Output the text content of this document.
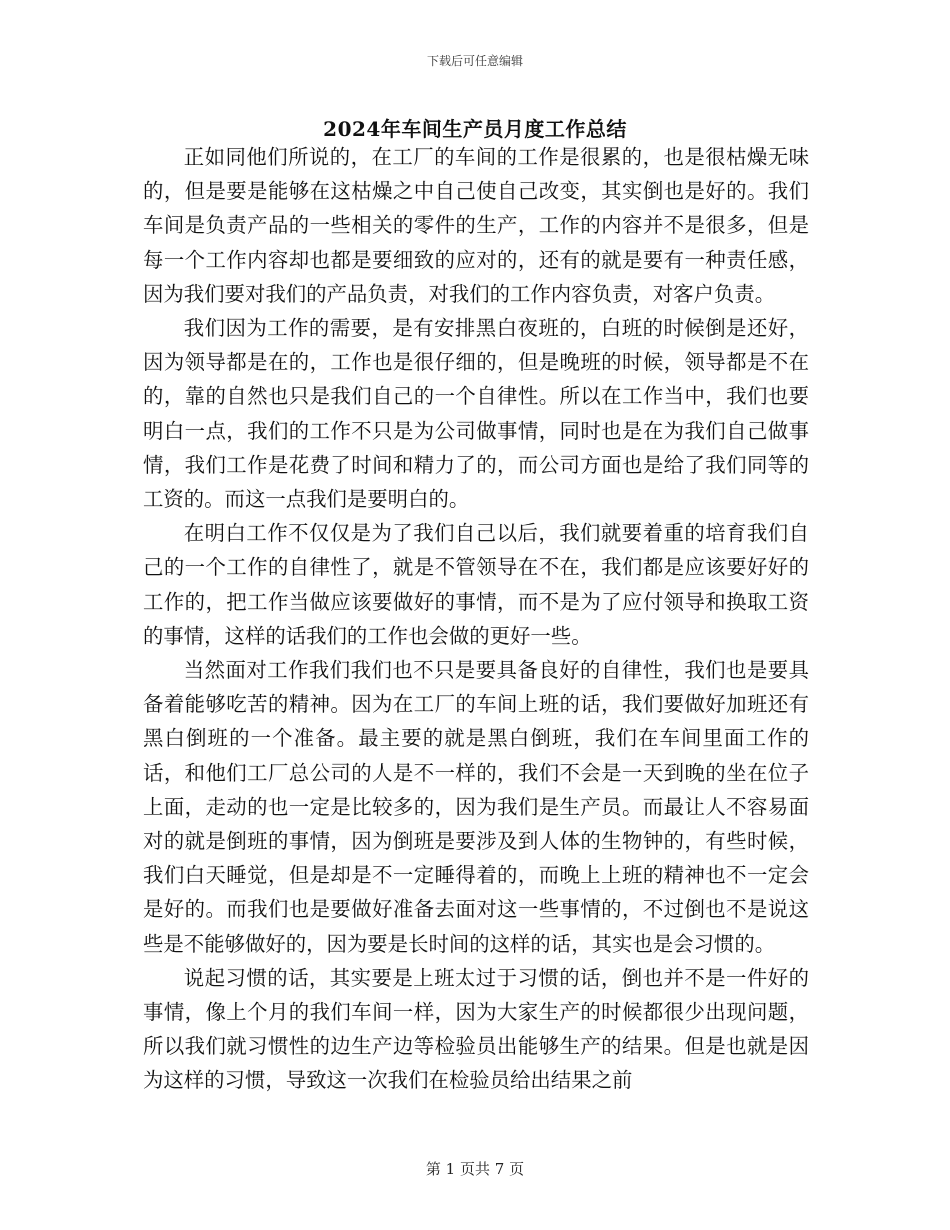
下载后可任意编辑
2024年车间生产员月度工作总结

正如同他们所说的，在工厂的车间的工作是很累的，也是很枯燥无味的，但是要是能够在这枯燥之中自己使自己改变，其实倒也是好的。我们车间是负责产品的一些相关的零件的生产，工作的内容并不是很多，但是每一个工作内容却也都是要细致的应对的，还有的就是要有一种责任感，因为我们要对我们的产品负责，对我们的工作内容负责，对客户负责。

我们因为工作的需要，是有安排黑白夜班的，白班的时候倒是还好，因为领导都是在的，工作也是很仔细的，但是晚班的时候，领导都是不在的，靠的自然也只是我们自己的一个自律性。所以在工作当中，我们也要明白一点，我们的工作不只是为公司做事情，同时也是在为我们自己做事情，我们工作是花费了时间和精力了的，而公司方面也是给了我们同等的工资的。而这一点我们是要明白的。

在明白工作不仅仅是为了我们自己以后，我们就要着重的培育我们自己的一个工作的自律性了，就是不管领导在不在，我们都是应该要好好的工作的，把工作当做应该要做好的事情，而不是为了应付领导和换取工资的事情，这样的话我们的工作也会做的更好一些。

当然面对工作我们我们也不只是要具备良好的自律性，我们也是要具备着能够吃苦的精神。因为在工厂的车间上班的话，我们要做好加班还有黑白倒班的一个准备。最主要的就是黑白倒班，我们在车间里面工作的话，和他们工厂总公司的人是不一样的，我们不会是一天到晚的坐在位子上面，走动的也一定是比较多的，因为我们是生产员。而最让人不容易面对的就是倒班的事情，因为倒班是要涉及到人体的生物钟的，有些时候，我们白天睡觉，但是却是不一定睡得着的，而晚上上班的精神也不一定会是好的。而我们也是要做好准备去面对这一些事情的，不过倒也不是说这些是不能够做好的，因为要是长时间的这样的话，其实也是会习惯的。

说起习惯的话，其实要是上班太过于习惯的话，倒也并不是一件好的事情，像上个月的我们车间一样，因为大家生产的时候都很少出现问题，所以我们就习惯性的边生产边等检验员出能够生产的结果。但是也就是因为这样的习惯，导致这一次我们在检验员给出结果之前

第 1 页共 7 页
